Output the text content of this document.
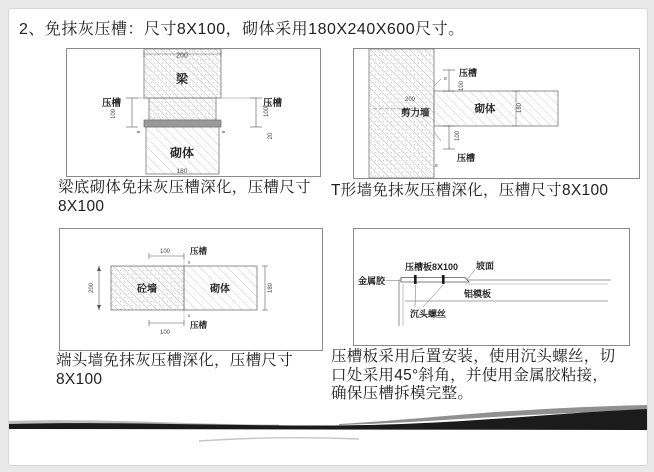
2、免抹灰压槽：尺寸8X100，砌体采用180X240X600尺寸。
200
梁
压槽
100
8
压槽
100
20
8
砌体
180
梁底砌体免抹灰压槽深化，压槽尺寸
8X100
8
8
压槽
100
200
剪力墙	砌体	180
100
压槽
T形墙免抹灰压槽深化，压槽尺寸8X100
砼墙	砌体
100 压槽
8
100
压槽
8
200	180
端头墙免抹灰压槽深化，压槽尺寸
8X100
金属胶
压槽板8X100 坡面
铝模板
沉头螺丝
压槽板采用后置安装，使用沉头螺丝，切
口处采用45°斜角，并使用金属胶粘接，
确保压槽拆模完整。
